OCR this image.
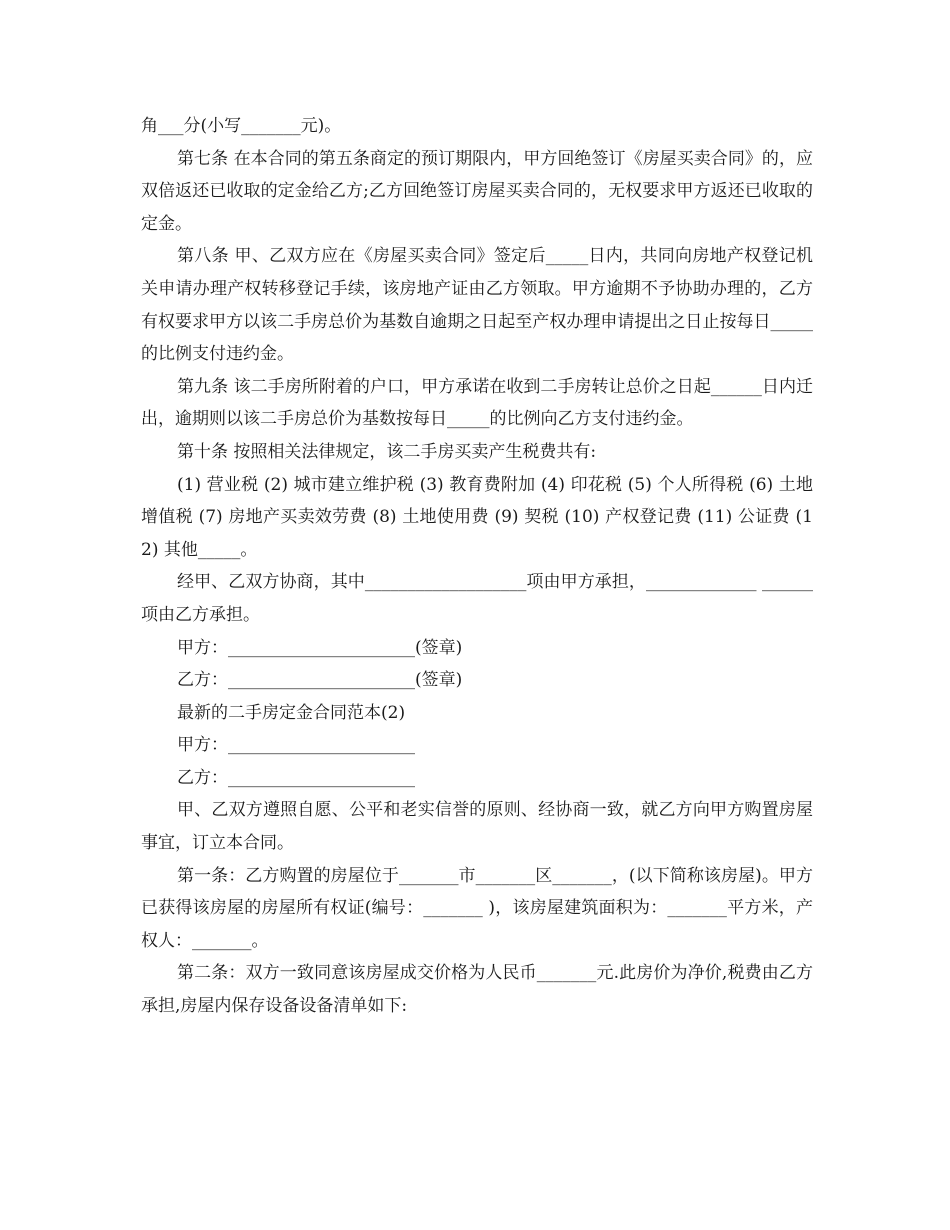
角___分(小写_______元)。

第七条 在本合同的第五条商定的预订期限内，甲方回绝签订《房屋买卖合同》的，应双倍返还已收取的定金给乙方;乙方回绝签订房屋买卖合同的，无权要求甲方返还已收取的定金。

第八条 甲、乙双方应在《房屋买卖合同》签定后_____日内，共同向房地产权登记机关申请办理产权转移登记手续，该房地产证由乙方领取。甲方逾期不予协助办理的，乙方有权要求甲方以该二手房总价为基数自逾期之日起至产权办理申请提出之日止按每日_____的比例支付违约金。

第九条 该二手房所附着的户口，甲方承诺在收到二手房转让总价之日起______日内迁出，逾期则以该二手房总价为基数按每日_____的比例向乙方支付违约金。

第十条 按照相关法律规定，该二手房买卖产生税费共有:

(1) 营业税 (2) 城市建立维护税 (3) 教育费附加 (4) 印花税 (5) 个人所得税 (6) 土地增值税 (7) 房地产买卖效劳费 (8) 土地使用费 (9) 契税 (10) 产权登记费 (11) 公证费 (12) 其他_____。

经甲、乙双方协商，其中___________________项由甲方承担，_____________ ______项由乙方承担。

甲方：______________________(签章)

乙方：______________________(签章)

最新的二手房定金合同范本(2)

甲方：______________________

乙方：______________________

甲、乙双方遵照自愿、公平和老实信誉的原则、经协商一致，就乙方向甲方购置房屋事宜，订立本合同。

第一条：乙方购置的房屋位于_______市_______区_______，(以下简称该房屋)。甲方已获得该房屋的房屋所有权证(编号：_______ )，该房屋建筑面积为：_______平方米，产权人：_______。

第二条：双方一致同意该房屋成交价格为人民币_______元.此房价为净价,税费由乙方承担,房屋内保存设备设备清单如下:
